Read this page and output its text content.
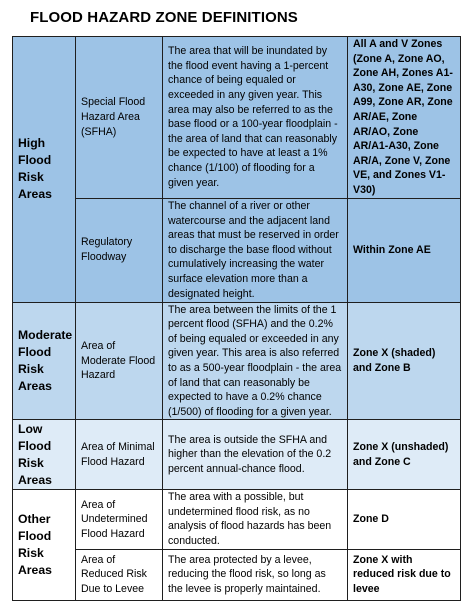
FLOOD HAZARD ZONE DEFINITIONS
High Flood Risk Areas	Special Flood Hazard Area (SFHA)	The area that will be inundated by the flood event having a 1-percent chance of being equaled or exceeded in any given year. This area may also be referred to as the base flood or a 100-year floodplain - the area of land that can reasonably be expected to have at least a 1% chance (1/100) of flooding for a given year.	All A and V Zones (Zone A, Zone AO, Zone AH, Zones A1-A30, Zone AE, Zone A99, Zone AR, Zone AR/AE, Zone AR/AO, Zone AR/A1-A30, Zone AR/A, Zone V, Zone VE, and Zones V1-V30)
	Regulatory Floodway	The channel of a river or other watercourse and the adjacent land areas that must be reserved in order to discharge the base flood without cumulatively increasing the water surface elevation more than a designated height.	Within Zone AE
Moderate Flood Risk Areas	Area of Moderate Flood Hazard	The area between the limits of the 1 percent flood (SFHA) and the 0.2% of being equaled or exceeded in any given year. This area is also referred to as a 500-year floodplain - the area of land that can reasonably be expected to have a 0.2% chance (1/500) of flooding for a given year.	Zone X (shaded) and Zone B
Low Flood Risk Areas	Area of Minimal Flood Hazard	The area is outside the SFHA and higher than the elevation of the 0.2 percent annual-chance flood.	Zone X (unshaded) and Zone C
Other Flood Risk Areas	Area of Undetermined Flood Hazard	The area with a possible, but undetermined flood risk, as no analysis of flood hazards has been conducted.	Zone D
	Area of Reduced Risk Due to Levee	The area protected by a levee, reducing the flood risk, so long as the levee is properly maintained.	Zone X with reduced risk due to levee
